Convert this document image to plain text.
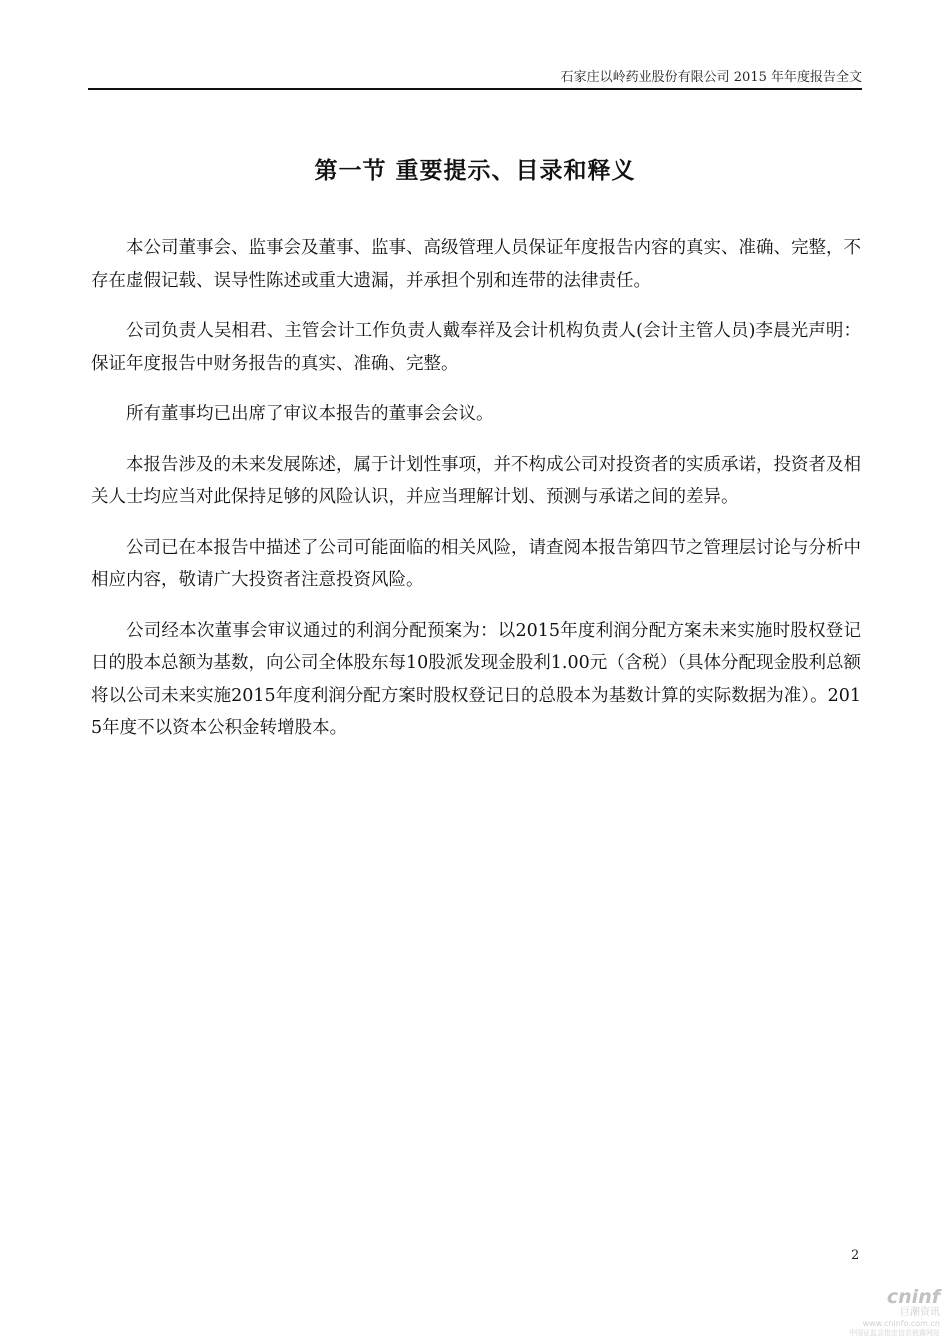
石家庄以岭药业股份有限公司 2015 年年度报告全文
第一节 重要提示、目录和释义

本公司董事会、监事会及董事、监事、高级管理人员保证年度报告内容的真实、准确、完整，不存在虚假记载、误导性陈述或重大遗漏，并承担个别和连带的法律责任。

公司负责人吴相君、主管会计工作负责人戴奉祥及会计机构负责人(会计主管人员)李晨光声明：保证年度报告中财务报告的真实、准确、完整。

所有董事均已出席了审议本报告的董事会会议。

本报告涉及的未来发展陈述，属于计划性事项，并不构成公司对投资者的实质承诺，投资者及相关人士均应当对此保持足够的风险认识，并应当理解计划、预测与承诺之间的差异。

公司已在本报告中描述了公司可能面临的相关风险，请查阅本报告第四节之管理层讨论与分析中相应内容，敬请广大投资者注意投资风险。

公司经本次董事会审议通过的利润分配预案为：以2015年度利润分配方案未来实施时股权登记日的股本总额为基数，向公司全体股东每10股派发现金股利1.00元（含税）（具体分配现金股利总额将以公司未来实施2015年度利润分配方案时股权登记日的总股本为基数计算的实际数据为准）。2015年度不以资本公积金转增股本。

2
cninf
巨潮资讯
www.cninfo.com.cn
中国证监会指定信息披露网站
